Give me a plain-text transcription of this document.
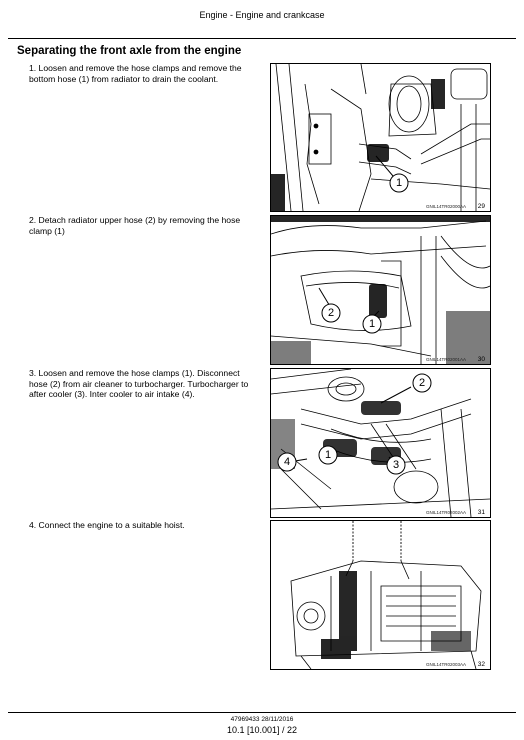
Engine - Engine and crankcase
Separating the front axle from the engine
1. Loosen and remove the hose clamps and remove the bottom hose (1) from radiator to drain the coolant.
1
GNIL14TR02000AA 29
2. Detach radiator upper hose (2) by removing the hose clamp (1)
2
1
GNIL14TR02001AA 30
3. Loosen and remove the hose clamps (1). Disconnect hose (2) from air cleaner to turbocharger. Turbocharger to after cooler (3). Inter cooler to air intake (4).
2
1
4	3
GNIL14TR02002AA 31
4. Connect the engine to a suitable hoist.
GNIL14TR02003AA 32
47969433 28/11/2016
10.1 [10.001] / 22
